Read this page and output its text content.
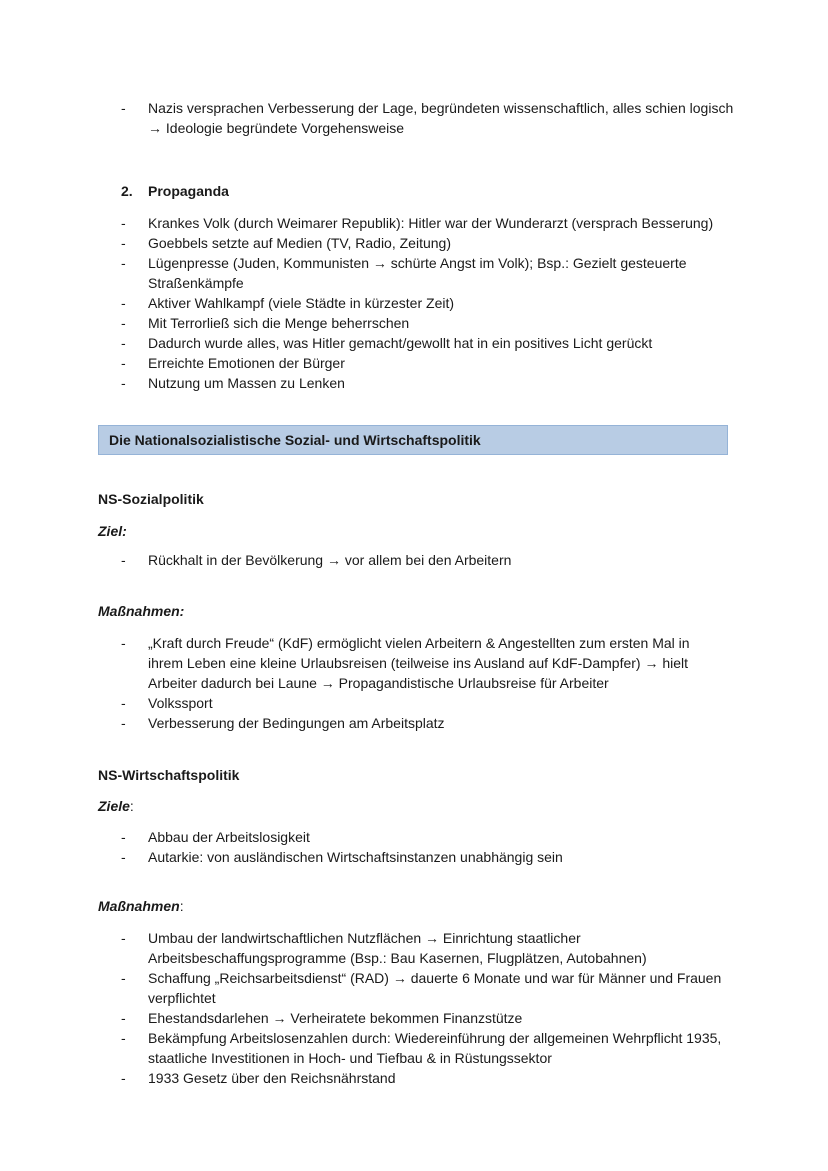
-	Nazis versprachen Verbesserung der Lage, begründeten wissenschaftlich, alles schien logisch
→ Ideologie begründete Vorgehensweise
2. Propaganda
-	Krankes Volk (durch Weimarer Republik): Hitler war der Wunderarzt (versprach Besserung)
-	Goebbels setzte auf Medien (TV, Radio, Zeitung)
-	Lügenpresse (Juden, Kommunisten → schürte Angst im Volk); Bsp.: Gezielt gesteuerte
Straßenkämpfe
-	Aktiver Wahlkampf (viele Städte in kürzester Zeit)
-	Mit Terrorließ sich die Menge beherrschen
-	Dadurch wurde alles, was Hitler gemacht/gewollt hat in ein positives Licht gerückt
-	Erreichte Emotionen der Bürger
-	Nutzung um Massen zu Lenken
Die Nationalsozialistische Sozial- und Wirtschaftspolitik
NS-Sozialpolitik
Ziel:
-	Rückhalt in der Bevölkerung → vor allem bei den Arbeitern
Maßnahmen:
-	„Kraft durch Freude“ (KdF) ermöglicht vielen Arbeitern & Angestellten zum ersten Mal in
ihrem Leben eine kleine Urlaubsreisen (teilweise ins Ausland auf KdF-Dampfer) → hielt
Arbeiter dadurch bei Laune → Propagandistische Urlaubsreise für Arbeiter
-	Volkssport
-	Verbesserung der Bedingungen am Arbeitsplatz
NS-Wirtschaftspolitik
Ziele:
-	Abbau der Arbeitslosigkeit
-	Autarkie: von ausländischen Wirtschaftsinstanzen unabhängig sein
Maßnahmen:
-	Umbau der landwirtschaftlichen Nutzflächen → Einrichtung staatlicher
Arbeitsbeschaffungsprogramme (Bsp.: Bau Kasernen, Flugplätzen, Autobahnen)
-	Schaffung „Reichsarbeitsdienst“ (RAD) → dauerte 6 Monate und war für Männer und Frauen
verpflichtet
-	Ehestandsdarlehen → Verheiratete bekommen Finanzstütze
-	Bekämpfung Arbeitslosenzahlen durch: Wiedereinführung der allgemeinen Wehrpflicht 1935,
staatliche Investitionen in Hoch- und Tiefbau & in Rüstungssektor
-	1933 Gesetz über den Reichsnährstand
